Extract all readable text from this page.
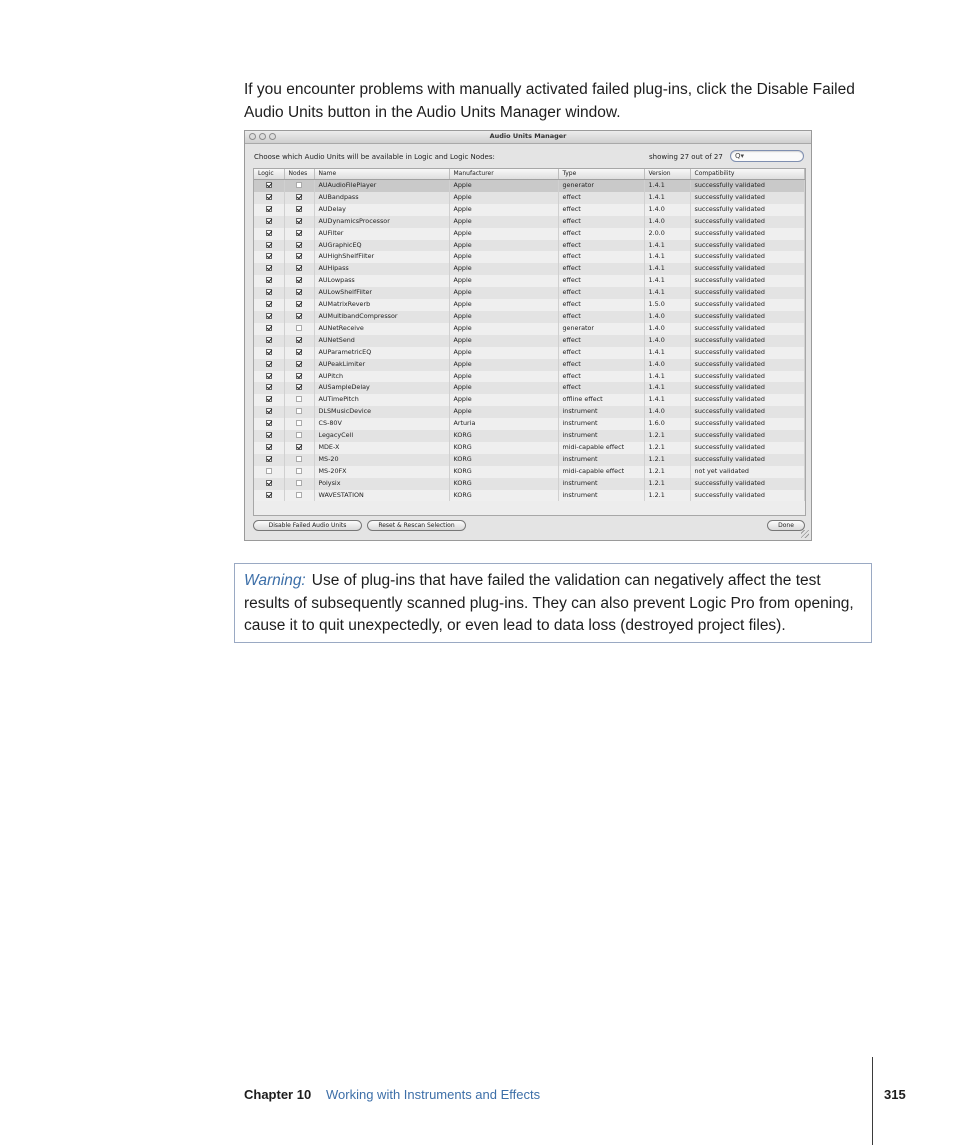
If you encounter problems with manually activated failed plug-ins, click the Disable Failed Audio Units button in the Audio Units Manager window.

Audio Units Manager
Choose which Audio Units will be available in Logic and Logic Nodes:	showing 27 out of 27 Q▾
Logic	Nodes	Name	Manufacturer	Type	Version	Compatibility
		AUAudioFilePlayer	Apple	generator	1.4.1	successfully validated
		AUBandpass	Apple	effect	1.4.1	successfully validated
		AUDelay	Apple	effect	1.4.0	successfully validated
		AUDynamicsProcessor	Apple	effect	1.4.0	successfully validated
		AUFilter	Apple	effect	2.0.0	successfully validated
		AUGraphicEQ	Apple	effect	1.4.1	successfully validated
		AUHighShelfFilter	Apple	effect	1.4.1	successfully validated
		AUHipass	Apple	effect	1.4.1	successfully validated
		AULowpass	Apple	effect	1.4.1	successfully validated
		AULowShelfFilter	Apple	effect	1.4.1	successfully validated
		AUMatrixReverb	Apple	effect	1.5.0	successfully validated
		AUMultibandCompressor	Apple	effect	1.4.0	successfully validated
		AUNetReceive	Apple	generator	1.4.0	successfully validated
		AUNetSend	Apple	effect	1.4.0	successfully validated
		AUParametricEQ	Apple	effect	1.4.1	successfully validated
		AUPeakLimiter	Apple	effect	1.4.0	successfully validated
		AUPitch	Apple	effect	1.4.1	successfully validated
		AUSampleDelay	Apple	effect	1.4.1	successfully validated
		AUTimePitch	Apple	offline effect	1.4.1	successfully validated
		DLSMusicDevice	Apple	instrument	1.4.0	successfully validated
		CS-80V	Arturia	instrument	1.6.0	successfully validated
		LegacyCell	KORG	instrument	1.2.1	successfully validated
		MDE-X	KORG	midi-capable effect	1.2.1	successfully validated
		MS-20	KORG	instrument	1.2.1	successfully validated
		MS-20FX	KORG	midi-capable effect	1.2.1	not yet validated
		Polysix	KORG	instrument	1.2.1	successfully validated
		WAVESTATION	KORG	instrument	1.2.1	successfully validated
Disable Failed Audio Units	Reset & Rescan Selection	Done
Warning: Use of plug-ins that have failed the validation can negatively affect the test results of subsequently scanned plug-ins. They can also prevent Logic Pro from opening, cause it to quit unexpectedly, or even lead to data loss (destroyed project files).
Chapter 10 Working with Instruments and Effects	315
